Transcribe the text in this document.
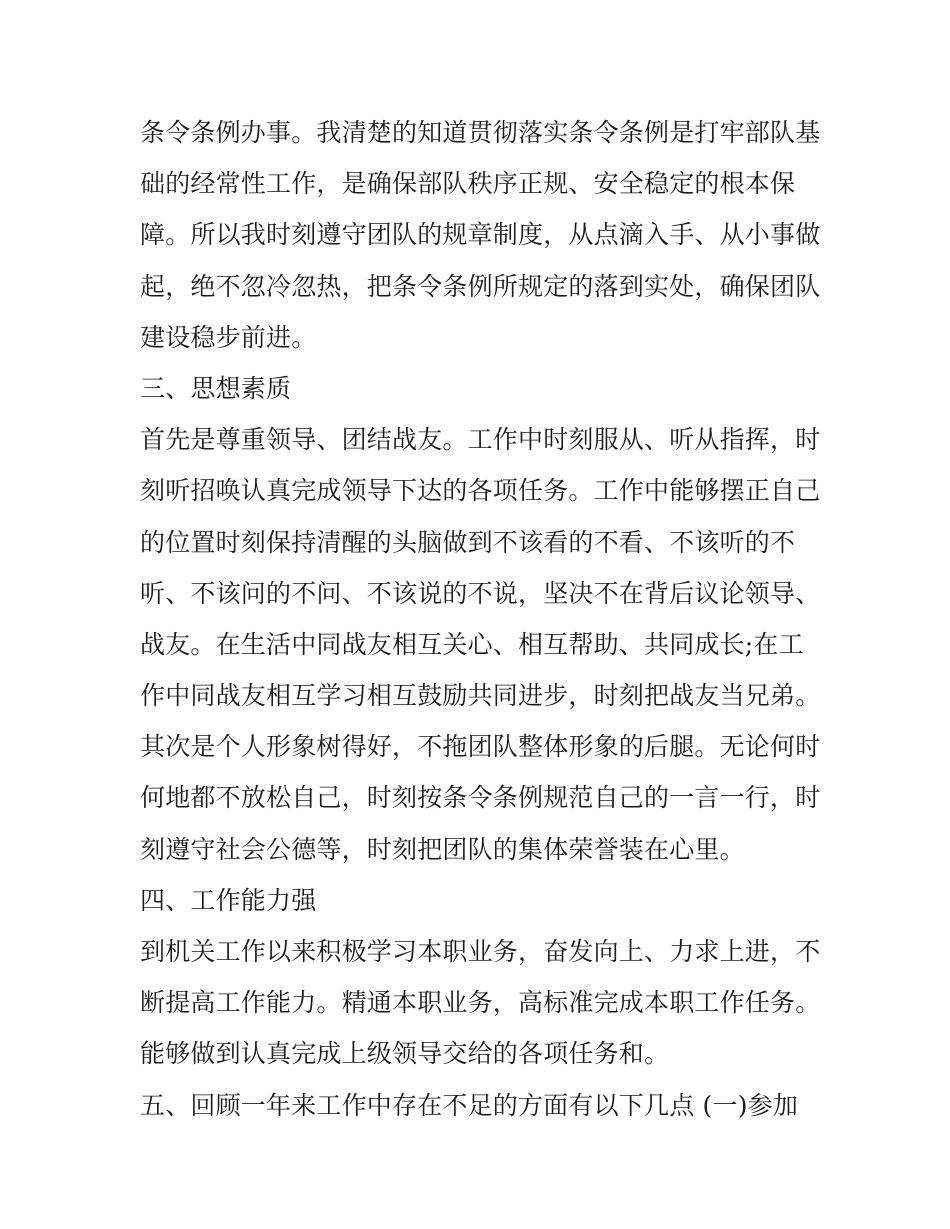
条令条例办事。我清楚的知道贯彻落实条令条例是打牢部队基
础的经常性工作，是确保部队秩序正规、安全稳定的根本保
障。所以我时刻遵守团队的规章制度，从点滴入手、从小事做
起，绝不忽冷忽热，把条令条例所规定的落到实处，确保团队
建设稳步前进。
三、思想素质
首先是尊重领导、团结战友。工作中时刻服从、听从指挥，时
刻听招唤认真完成领导下达的各项任务。工作中能够摆正自己
的位置时刻保持清醒的头脑做到不该看的不看、不该听的不
听、不该问的不问、不该说的不说，坚决不在背后议论领导、
战友。在生活中同战友相互关心、相互帮助、共同成长;在工
作中同战友相互学习相互鼓励共同进步，时刻把战友当兄弟。
其次是个人形象树得好，不拖团队整体形象的后腿。无论何时
何地都不放松自己，时刻按条令条例规范自己的一言一行，时
刻遵守社会公德等，时刻把团队的集体荣誉装在心里。
四、工作能力强
到机关工作以来积极学习本职业务，奋发向上、力求上进，不
断提高工作能力。精通本职业务，高标准完成本职工作任务。
能够做到认真完成上级领导交给的各项任务和。
五、回顾一年来工作中存在不足的方面有以下几点 (一)参加
